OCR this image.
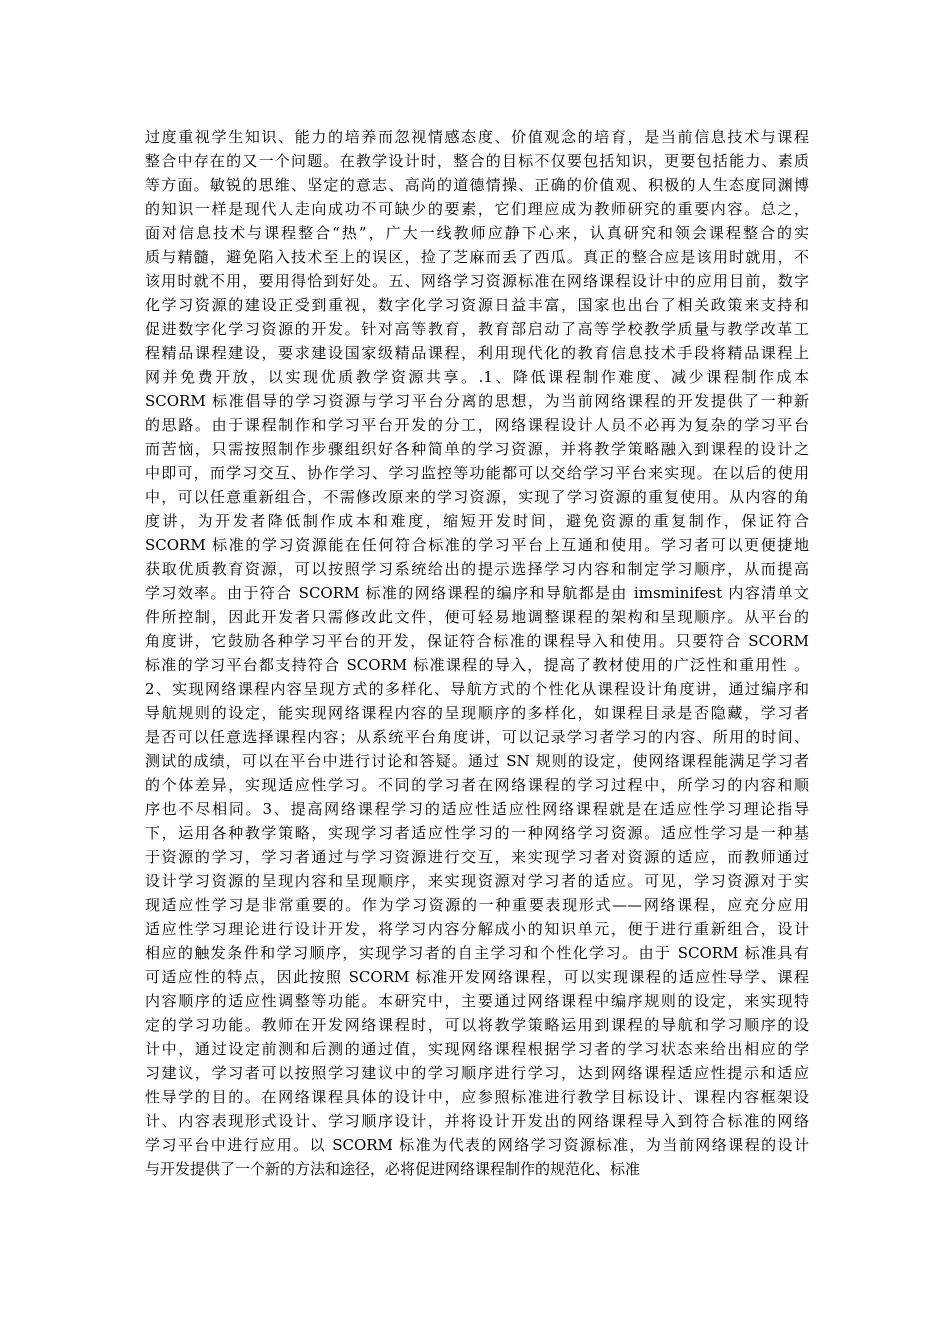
过度重视学生知识、能力的培养而忽视情感态度、价值观念的培育，是当前信息技术与课程
整合中存在的又一个问题。在教学设计时，整合的目标不仅要包括知识，更要包括能力、素质
等方面。敏锐的思维、坚定的意志、高尚的道德情操、正确的价值观、积极的人生态度同渊博
的知识一样是现代人走向成功不可缺少的要素，它们理应成为教师研究的重要内容。总之，
面对信息技术与课程整合“热”，广大一线教师应静下心来，认真研究和领会课程整合的实
质与精髓，避免陷入技术至上的误区，捡了芝麻而丢了西瓜。真正的整合应是该用时就用，不
该用时就不用，要用得恰到好处。五、网络学习资源标准在网络课程设计中的应用目前，数字
化学习资源的建设正受到重视，数字化学习资源日益丰富，国家也出台了相关政策来支持和
促进数字化学习资源的开发。针对高等教育，教育部启动了高等学校教学质量与教学改革工
程精品课程建设，要求建设国家级精品课程，利用现代化的教育信息技术手段将精品课程上
网并免费开放，以实现优质教学资源共享。.1、降低课程制作难度、减少课程制作成本
SCORM 标准倡导的学习资源与学习平台分离的思想，为当前网络课程的开发提供了一种新
的思路。由于课程制作和学习平台开发的分工，网络课程设计人员不必再为复杂的学习平台
而苦恼，只需按照制作步骤组织好各种简单的学习资源，并将教学策略融入到课程的设计之
中即可，而学习交互、协作学习、学习监控等功能都可以交给学习平台来实现。在以后的使用
中，可以任意重新组合，不需修改原来的学习资源，实现了学习资源的重复使用。从内容的角
度讲，为开发者降低制作成本和难度，缩短开发时间，避免资源的重复制作，保证符合
SCORM 标准的学习资源能在任何符合标准的学习平台上互通和使用。学习者可以更便捷地
获取优质教育资源，可以按照学习系统给出的提示选择学习内容和制定学习顺序，从而提高
学习效率。由于符合 SCORM 标准的网络课程的编序和导航都是由 imsminifest 内容清单文
件所控制，因此开发者只需修改此文件，便可轻易地调整课程的架构和呈现顺序。从平台的
角度讲，它鼓励各种学习平台的开发，保证符合标准的课程导入和使用。只要符合 SCORM
标准的学习平台都支持符合 SCORM 标准课程的导入，提高了教材使用的广泛性和重用性 。
2、实现网络课程内容呈现方式的多样化、导航方式的个性化从课程设计角度讲，通过编序和
导航规则的设定，能实现网络课程内容的呈现顺序的多样化，如课程目录是否隐藏，学习者
是否可以任意选择课程内容；从系统平台角度讲，可以记录学习者学习的内容、所用的时间、
测试的成绩，可以在平台中进行讨论和答疑。通过 SN 规则的设定，使网络课程能满足学习者
的个体差异，实现适应性学习。不同的学习者在网络课程的学习过程中，所学习的内容和顺
序也不尽相同。3、提高网络课程学习的适应性适应性网络课程就是在适应性学习理论指导
下，运用各种教学策略，实现学习者适应性学习的一种网络学习资源。适应性学习是一种基
于资源的学习，学习者通过与学习资源进行交互，来实现学习者对资源的适应，而教师通过
设计学习资源的呈现内容和呈现顺序，来实现资源对学习者的适应。可见，学习资源对于实
现适应性学习是非常重要的。作为学习资源的一种重要表现形式——网络课程，应充分应用
适应性学习理论进行设计开发，将学习内容分解成小的知识单元，便于进行重新组合，设计
相应的触发条件和学习顺序，实现学习者的自主学习和个性化学习。由于 SCORM 标准具有
可适应性的特点，因此按照 SCORM 标准开发网络课程，可以实现课程的适应性导学、课程
内容顺序的适应性调整等功能。本研究中，主要通过网络课程中编序规则的设定，来实现特
定的学习功能。教师在开发网络课程时，可以将教学策略运用到课程的导航和学习顺序的设
计中，通过设定前测和后测的通过值，实现网络课程根据学习者的学习状态来给出相应的学
习建议，学习者可以按照学习建议中的学习顺序进行学习，达到网络课程适应性提示和适应
性导学的目的。在网络课程具体的设计中，应参照标准进行教学目标设计、课程内容框架设
计、内容表现形式设计、学习顺序设计，并将设计开发出的网络课程导入到符合标准的网络
学习平台中进行应用。以 SCORM 标准为代表的网络学习资源标准，为当前网络课程的设计
与开发提供了一个新的方法和途径，必将促进网络课程制作的规范化、标准
